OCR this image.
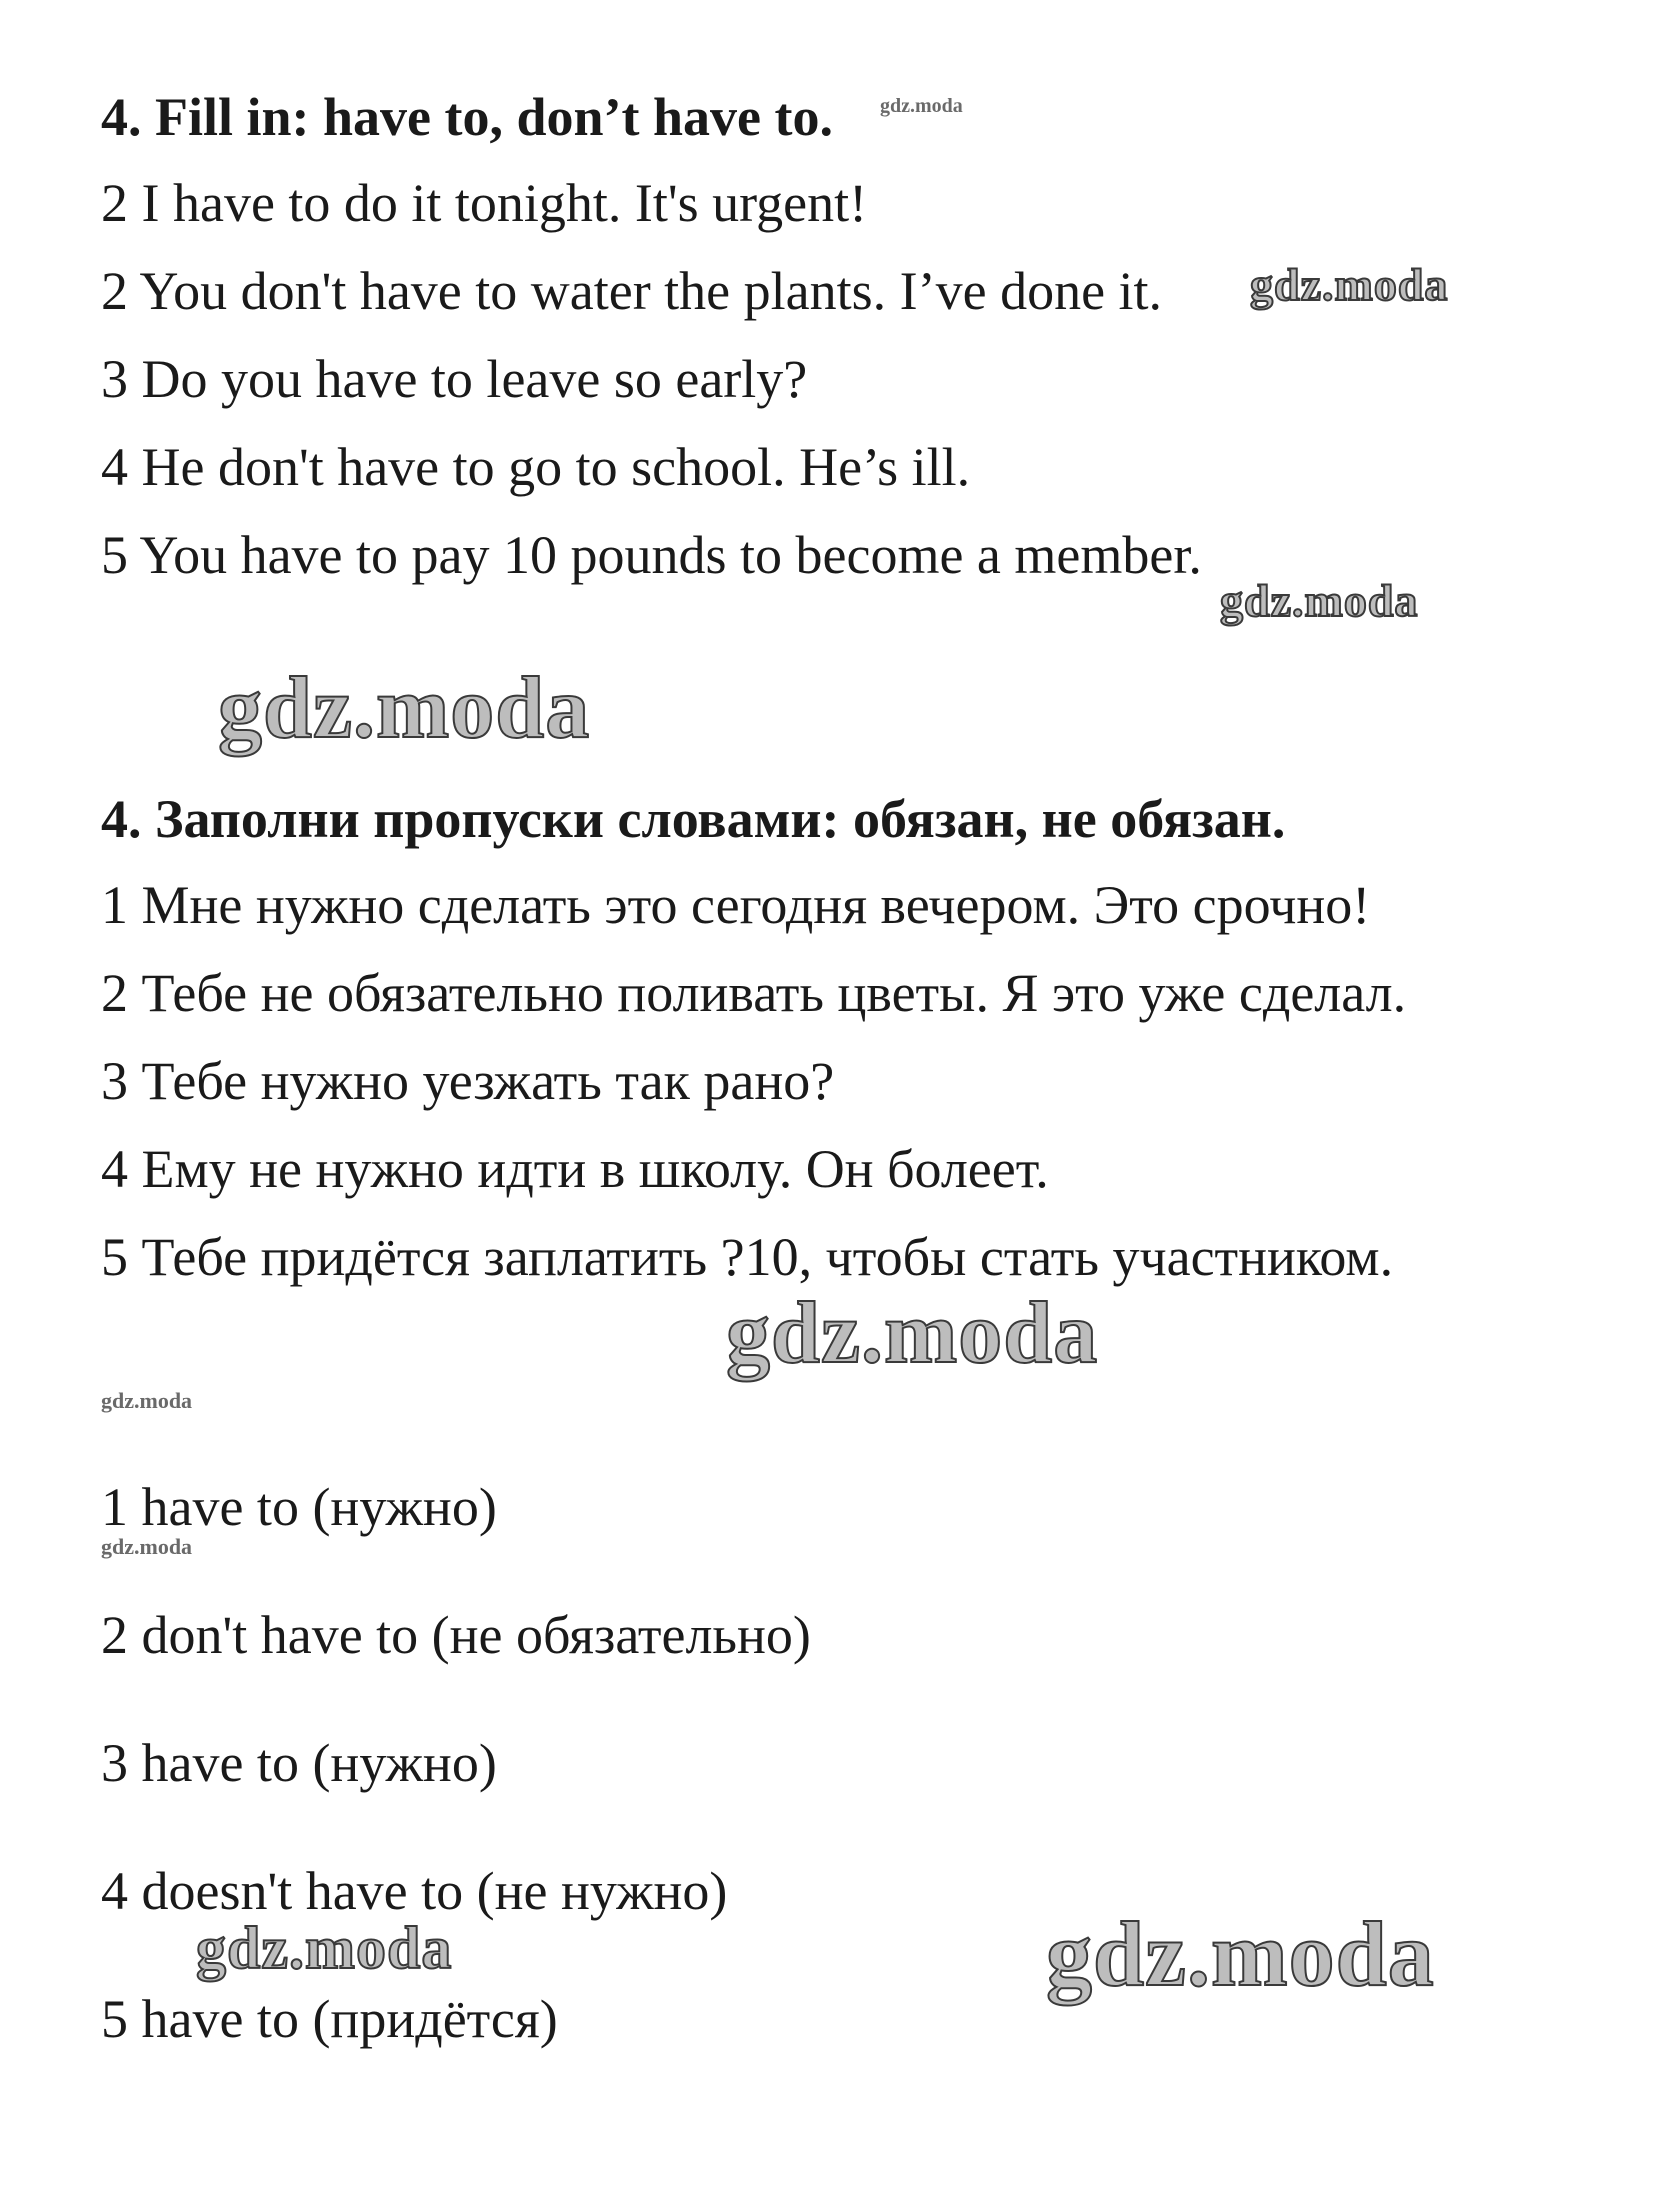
4. Fill in: have to, don’t have to.
2 I have to do it tonight. It's urgent!
2 You don't have to water the plants. I’ve done it.
3 Do you have to leave so early?
4 He don't have to go to school. He’s ill.
5 You have to pay 10 pounds to become a member.
4. Заполни пропуски словами: обязан, не обязан.
1 Мне нужно сделать это сегодня вечером. Это срочно!
2 Тебе не обязательно поливать цветы. Я это уже сделал.
3 Тебе нужно уезжать так рано?
4 Ему не нужно идти в школу. Он болеет.
5 Тебе придётся заплатить ?10, чтобы стать участником.
1 have to (нужно)
2 don't have to (не обязательно)
3 have to (нужно)
4 doesn't have to (не нужно)
5 have to (придётся)
gdz.moda
gdz.moda
gdz.moda
gdz.moda
gdz.moda
gdz.moda
gdz.moda
gdz.moda	gdz.moda
